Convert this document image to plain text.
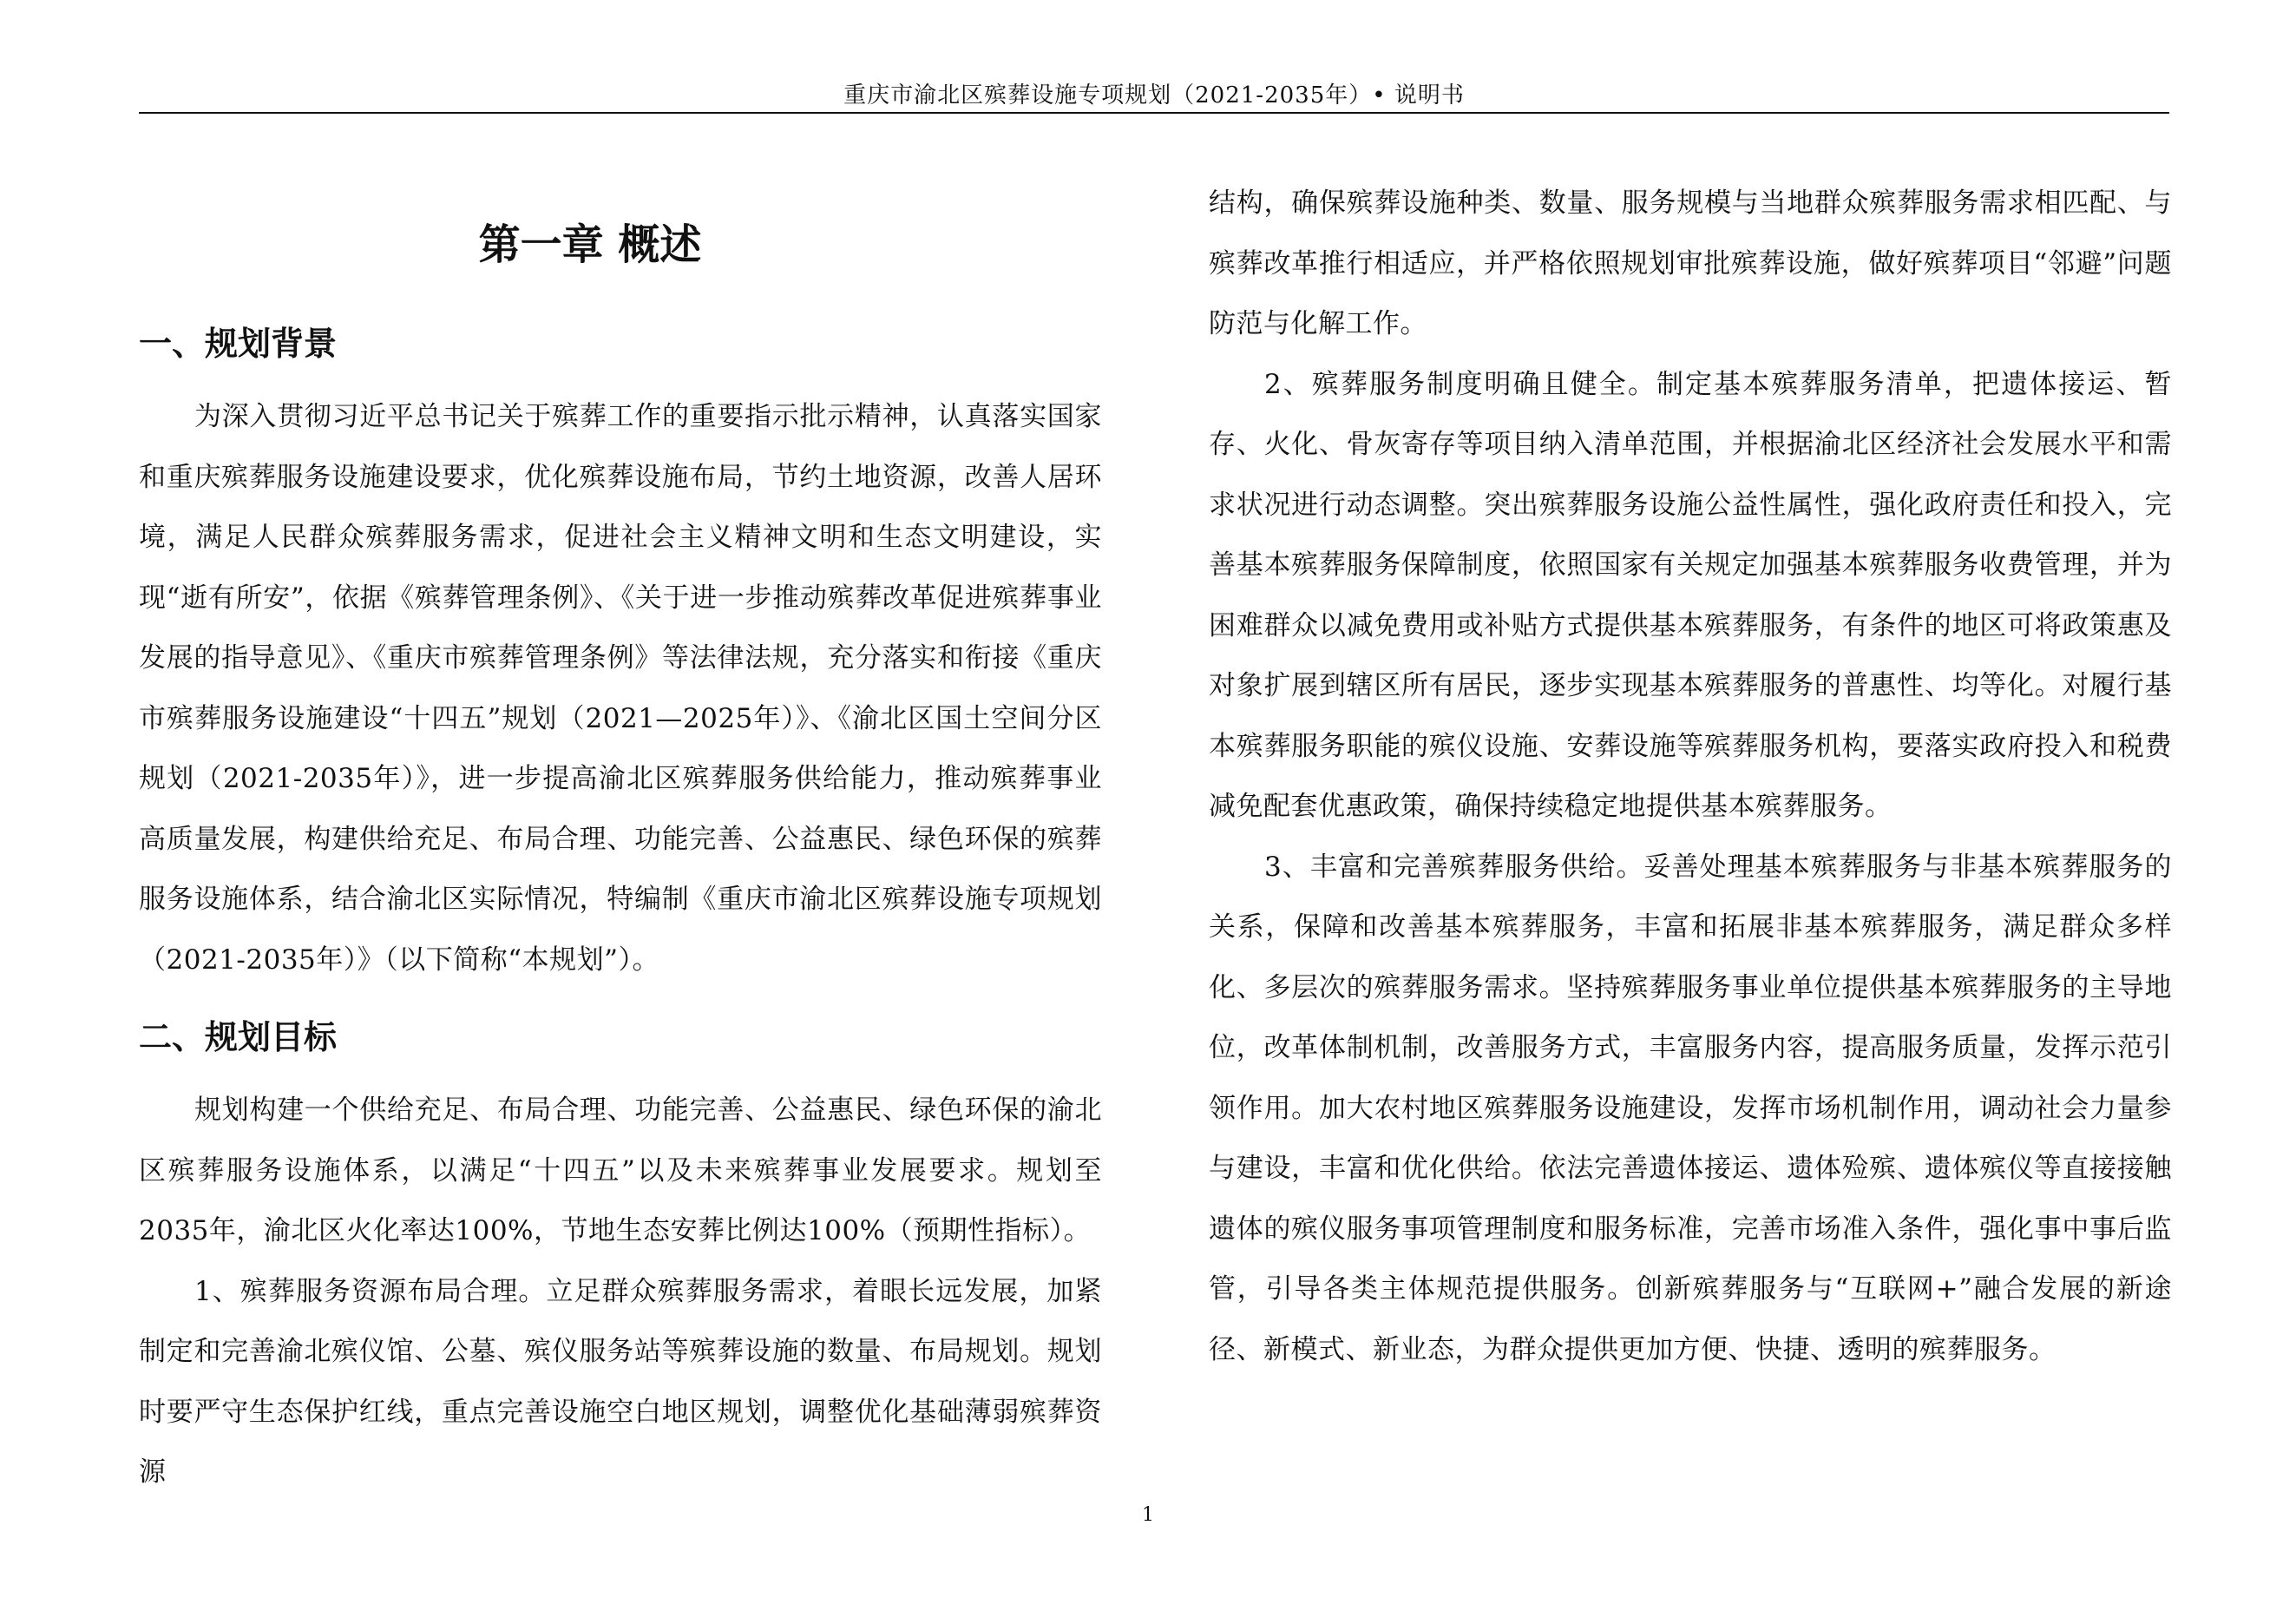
重庆市渝北区殡葬设施专项规划（2021-2035年）• 说明书
第一章 概述
一、规划背景

为深入贯彻习近平总书记关于殡葬工作的重要指示批示精神，认真落实国家和重庆殡葬服务设施建设要求，优化殡葬设施布局，节约土地资源，改善人居环境，满足人民群众殡葬服务需求，促进社会主义精神文明和生态文明建设，实现“逝有所安”，依据《殡葬管理条例》、《关于进一步推动殡葬改革促进殡葬事业发展的指导意见》、《重庆市殡葬管理条例》等法律法规，充分落实和衔接《重庆市殡葬服务设施建设“十四五”规划（2021—2025年）》、《渝北区国土空间分区规划（2021-2035年）》，进一步提高渝北区殡葬服务供给能力，推动殡葬事业高质量发展，构建供给充足、布局合理、功能完善、公益惠民、绿色环保的殡葬服务设施体系，结合渝北区实际情况，特编制《重庆市渝北区殡葬设施专项规划（2021-2035年）》（以下简称“本规划”）。

二、规划目标

规划构建一个供给充足、布局合理、功能完善、公益惠民、绿色环保的渝北区殡葬服务设施体系，以满足“十四五”以及未来殡葬事业发展要求。规划至2035年，渝北区火化率达100%，节地生态安葬比例达100%（预期性指标）。

1、殡葬服务资源布局合理。立足群众殡葬服务需求，着眼长远发展，加紧制定和完善渝北殡仪馆、公墓、殡仪服务站等殡葬设施的数量、布局规划。规划时要严守生态保护红线，重点完善设施空白地区规划，调整优化基础薄弱殡葬资源

结构，确保殡葬设施种类、数量、服务规模与当地群众殡葬服务需求相匹配、与殡葬改革推行相适应，并严格依照规划审批殡葬设施，做好殡葬项目“邻避”问题防范与化解工作。

2、殡葬服务制度明确且健全。制定基本殡葬服务清单，把遗体接运、暂存、火化、骨灰寄存等项目纳入清单范围，并根据渝北区经济社会发展水平和需求状况进行动态调整。突出殡葬服务设施公益性属性，强化政府责任和投入，完善基本殡葬服务保障制度，依照国家有关规定加强基本殡葬服务收费管理，并为困难群众以减免费用或补贴方式提供基本殡葬服务，有条件的地区可将政策惠及对象扩展到辖区所有居民，逐步实现基本殡葬服务的普惠性、均等化。对履行基本殡葬服务职能的殡仪设施、安葬设施等殡葬服务机构，要落实政府投入和税费减免配套优惠政策，确保持续稳定地提供基本殡葬服务。

3、丰富和完善殡葬服务供给。妥善处理基本殡葬服务与非基本殡葬服务的关系，保障和改善基本殡葬服务，丰富和拓展非基本殡葬服务，满足群众多样化、多层次的殡葬服务需求。坚持殡葬服务事业单位提供基本殡葬服务的主导地位，改革体制机制，改善服务方式，丰富服务内容，提高服务质量，发挥示范引领作用。加大农村地区殡葬服务设施建设，发挥市场机制作用，调动社会力量参与建设，丰富和优化供给。依法完善遗体接运、遗体殓殡、遗体殡仪等直接接触遗体的殡仪服务事项管理制度和服务标准，完善市场准入条件，强化事中事后监管，引导各类主体规范提供服务。创新殡葬服务与“互联网+”融合发展的新途径、新模式、新业态，为群众提供更加方便、快捷、透明的殡葬服务。

1
